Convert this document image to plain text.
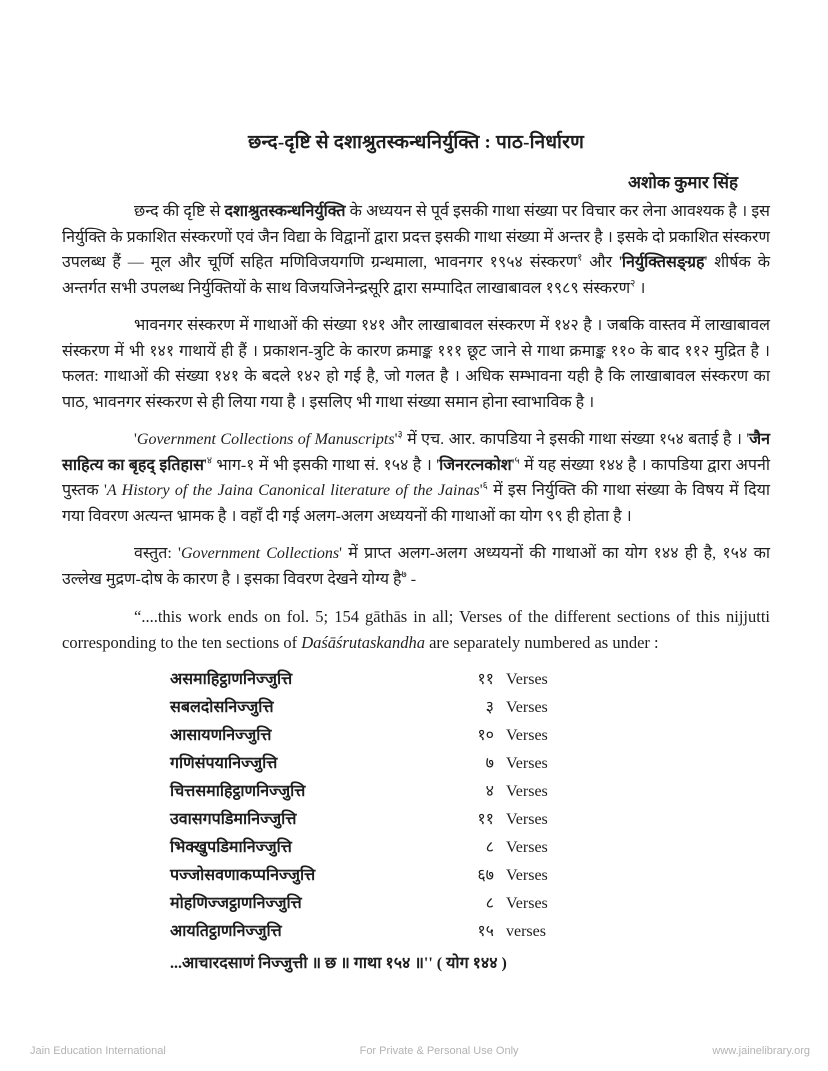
छन्द-दृष्टि से दशाश्रुतस्कन्धनिर्युक्ति : पाठ-निर्धारण
अशोक कुमार सिंह

छन्द की दृष्टि से दशाश्रुतस्कन्धनिर्युक्ति के अध्ययन से पूर्व इसकी गाथा संख्या पर विचार कर लेना आवश्यक है । इस निर्युक्ति के प्रकाशित संस्करणों एवं जैन विद्या के विद्वानों द्वारा प्रदत्त इसकी गाथा संख्या में अन्तर है । इसके दो प्रकाशित संस्करण उपलब्ध हैं — मूल और चूर्णि सहित मणिविजयगणि ग्रन्थमाला, भावनगर १९५४ संस्करण$^१$ और 'निर्युक्तिसङ्ग्रह' शीर्षक के अन्तर्गत सभी उपलब्ध निर्युक्तियों के साथ विजयजिनेन्द्रसूरि द्वारा सम्पादित लाखाबावल १९८९ संस्करण$^२$ ।

भावनगर संस्करण में गाथाओं की संख्या १४१ और लाखाबावल संस्करण में १४२ है । जबकि वास्तव में लाखाबावल संस्करण में भी १४१ गाथायें ही हैं । प्रकाशन-त्रुटि के कारण क्रमाङ्क १११ छूट जाने से गाथा क्रमाङ्क ११० के बाद ११२ मुद्रित है । फलत: गाथाओं की संख्या १४१ के बदले १४२ हो गई है, जो गलत है । अधिक सम्भावना यही है कि लाखाबावल संस्करण का पाठ, भावनगर संस्करण से ही लिया गया है । इसलिए भी गाथा संख्या समान होना स्वाभाविक है ।

'Government Collections of $Manuscripts'^३$ में एच. आर. कापडिया ने इसकी गाथा संख्या १५४ बताई है । 'जैन साहित्य का बृहद् $इतिहास'^४$ भाग-१ में भी इसकी गाथा सं. १५४ है । '$जिनरत्नकोश'^५$ में यह संख्या १४४ है । कापडिया द्वारा अपनी पुस्तक 'A History of the Jaina Canonical literature of the $Jainas'^६$ में इस निर्युक्ति की गाथा संख्या के विषय में दिया गया विवरण अत्यन्त भ्रामक है । वहाँ दी गई अलग-अलग अध्ययनों की गाथाओं का योग ९९ ही होता है ।

वस्तुत: 'Government Collections' में प्राप्त अलग-अलग अध्ययनों की गाथाओं का योग १४४ ही है, १५४ का उल्लेख मुद्रण-दोष के कारण है । इसका विवरण देखने योग्य है$^७$ -

“....this work ends on fol. 5; 154 gāthās in all; Verses of the different sections of this nijjutti corresponding to the ten sections of Daśāśrutaskandha are separately numbered as under :

असमाहिट्ठाणनिज्जुत्ति	११ Verses
सबलदोसनिज्जुत्ति	३ Verses
आसायणनिज्जुत्ति	१० Verses
गणिसंपयानिज्जुत्ति	७ Verses
चित्तसमाहिट्ठाणनिज्जुत्ति	४ Verses
उवासगपडिमानिज्जुत्ति	११ Verses
भिक्खुपडिमानिज्जुत्ति	८ Verses
पज्जोसवणाकप्पनिज्जुत्ति	६७ Verses
मोहणिज्जट्ठाणनिज्जुत्ति	८ Verses
आयतिट्ठाणनिज्जुत्ति	१५ verses
...आचारदसाणं निज्जुत्ती ॥ छ ॥ गाथा १५४ ॥'' ( योग १४४ )
Jain Education International	For Private & Personal Use Only	www.jainelibrary.org
